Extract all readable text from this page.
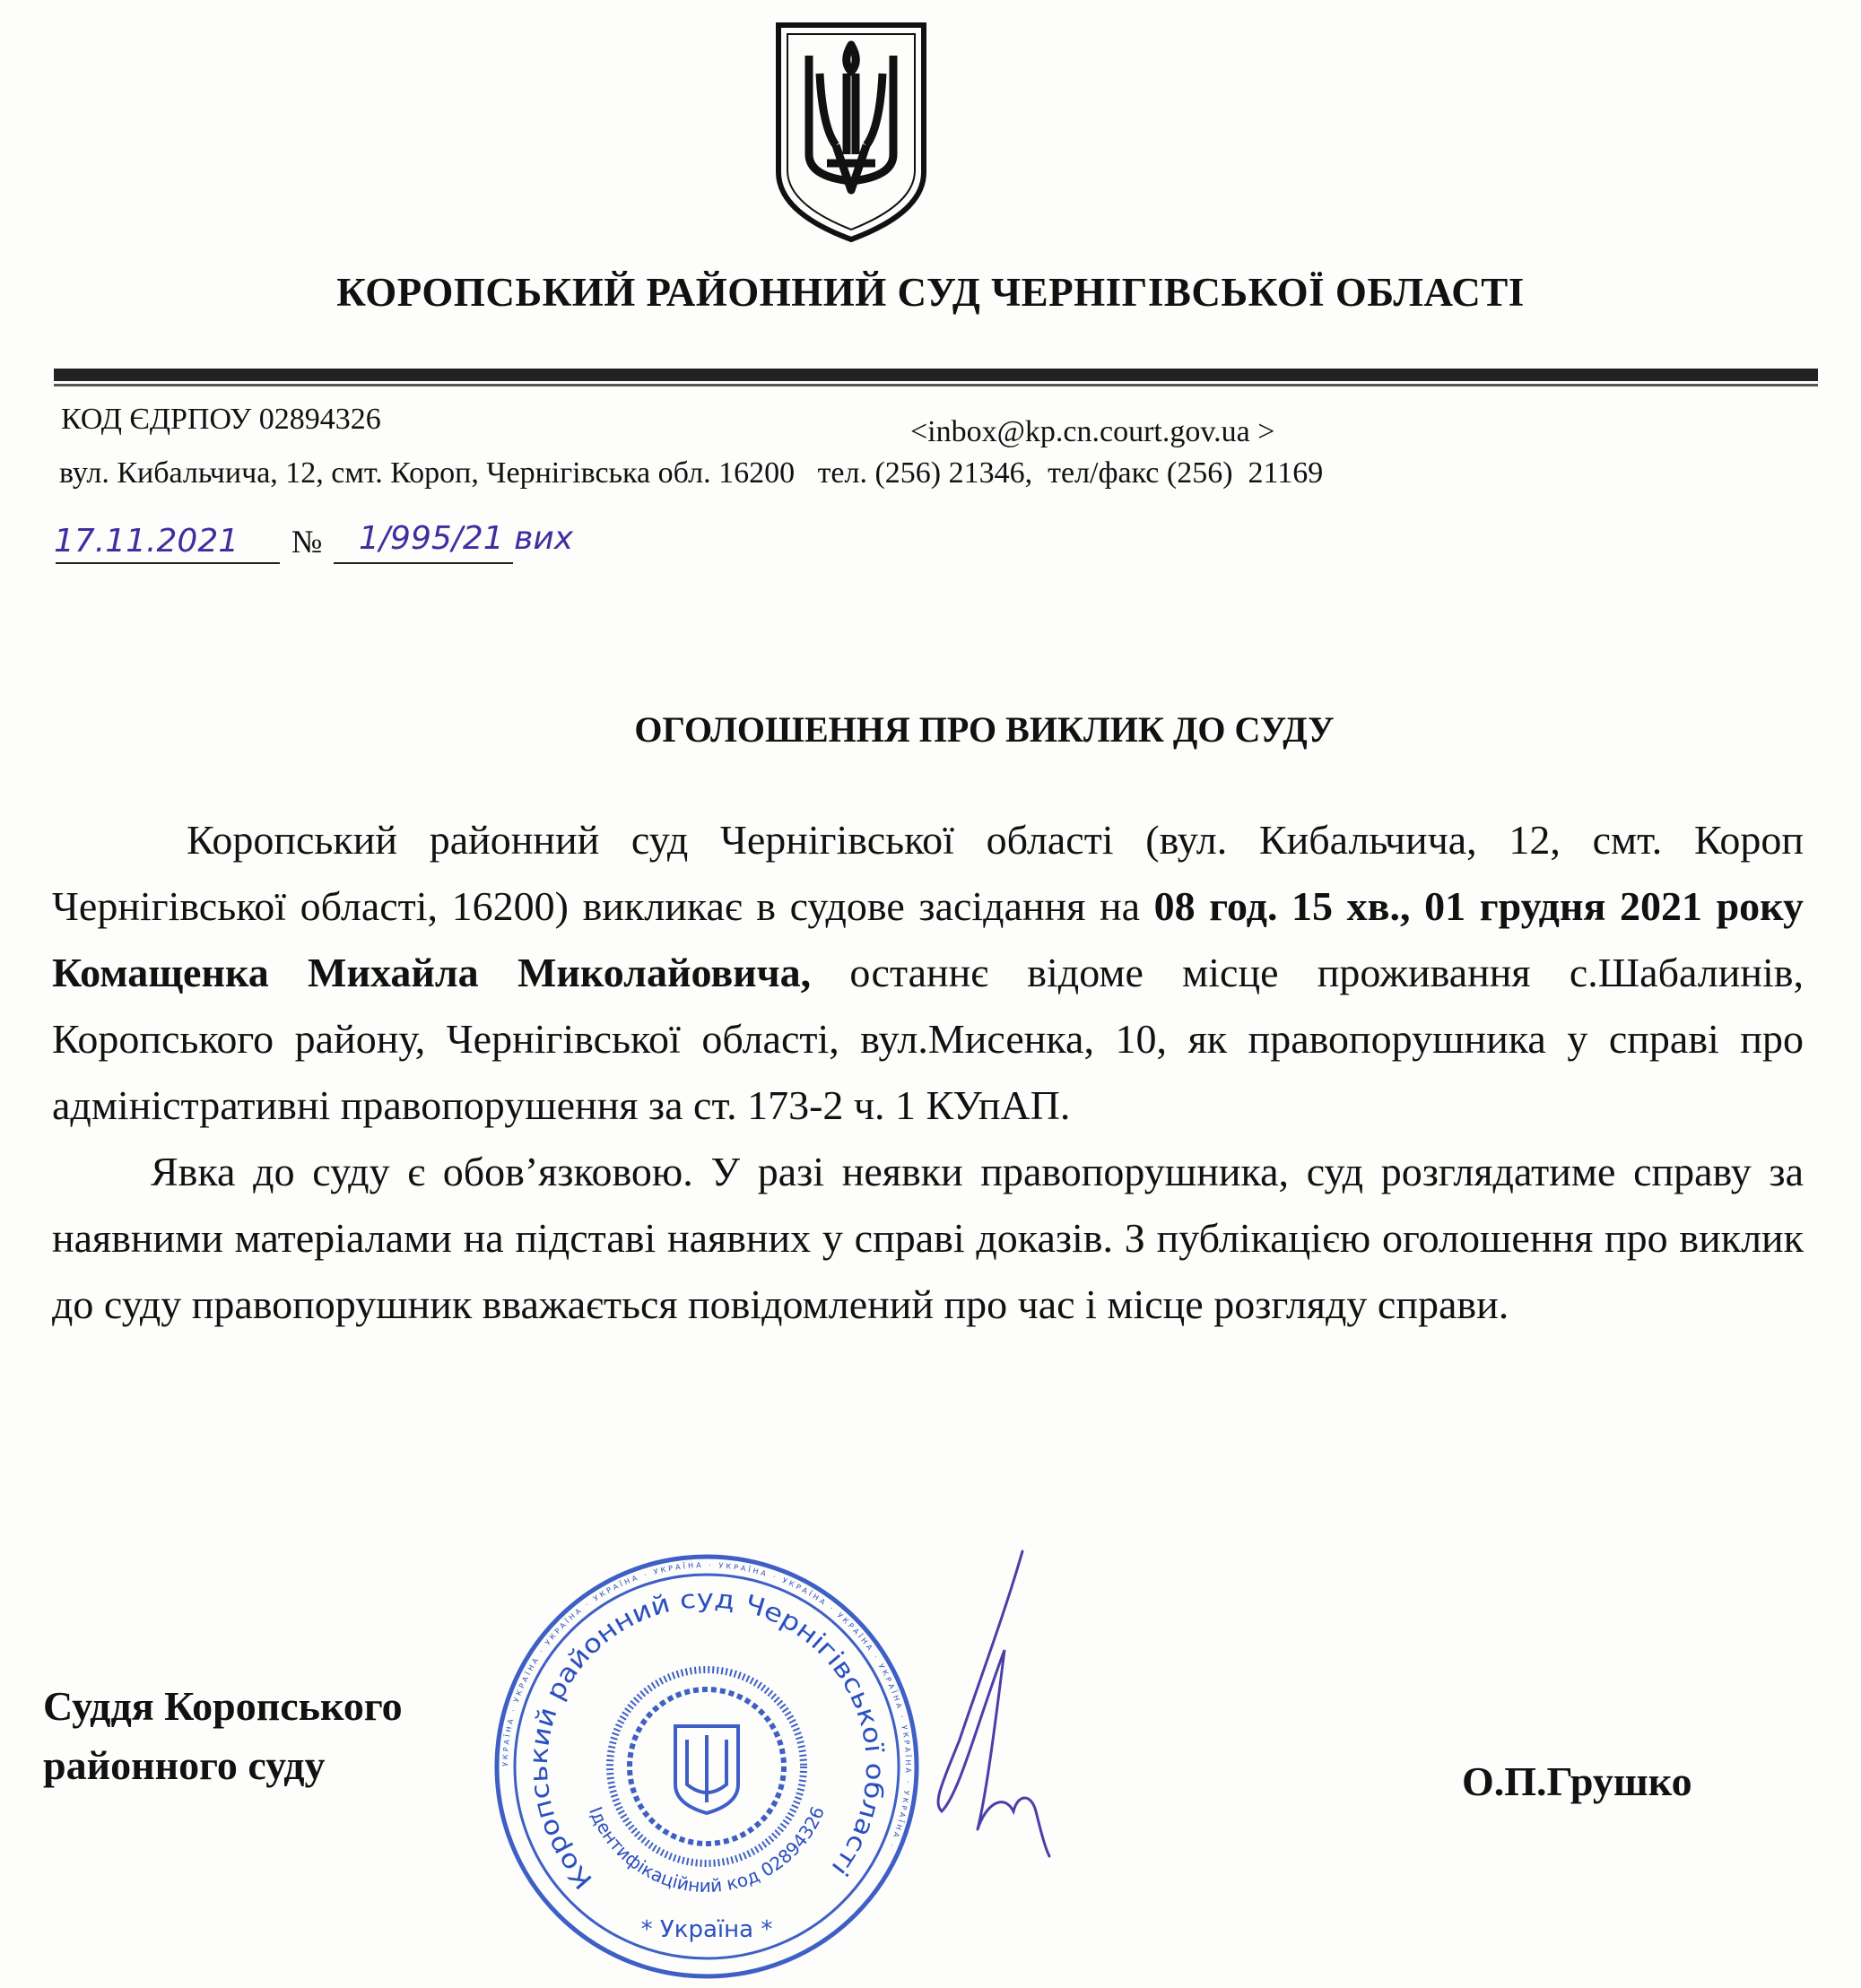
КОРОПСЬКИЙ РАЙОННИЙ СУД ЧЕРНІГІВСЬКОЇ ОБЛАСТІ
КОД ЄДРПОУ 02894326	<inbox@kp.cn.court.gov.ua >
вул. Кибальчича, 12, смт. Короп, Чернігівська обл. 16200   тел. (256) 21346,  тел/факс (256)  21169
17.11.2021 № 1/995/21 вих
ОГОЛОШЕННЯ ПРО ВИКЛИК ДО СУДУ

Коропський районний суд Чернігівської області (вул. Кибальчича, 12, смт. Короп Чернігівської області, 16200) викликає в судове засідання на 08 год. 15 хв., 01 грудня 2021 року Комащенка Михайла Миколайовича, останнє відоме місце проживання с.Шабалинів, Коропського району, Чернігівської області, вул.Мисенка, 10, як правопорушника у справі про адміністративні правопорушення за ст. 173-2 ч. 1 КУпАП.

Явка до суду є обов’язковою. У разі неявки правопорушника, суд розглядатиме справу за наявними матеріалами на підставі наявних у справі доказів. З публікацією оголошення про виклик до суду правопорушник вважається повідомлений про час і місце розгляду справи.

Суддя Коропського
районного суду	О.П.Грушко
УКРАЇНА · УКРАЇНА · УКРАЇНА · УКРАЇНА · УКРАЇНА · УКРАЇНА · УКРАЇНА · УКРАЇНА · УКРАЇНА · УКРАЇНА · УКРАЇНА ·
Коропський районний суд Чернігівської області
Ідентифікаційний код 02894326
* Україна *
